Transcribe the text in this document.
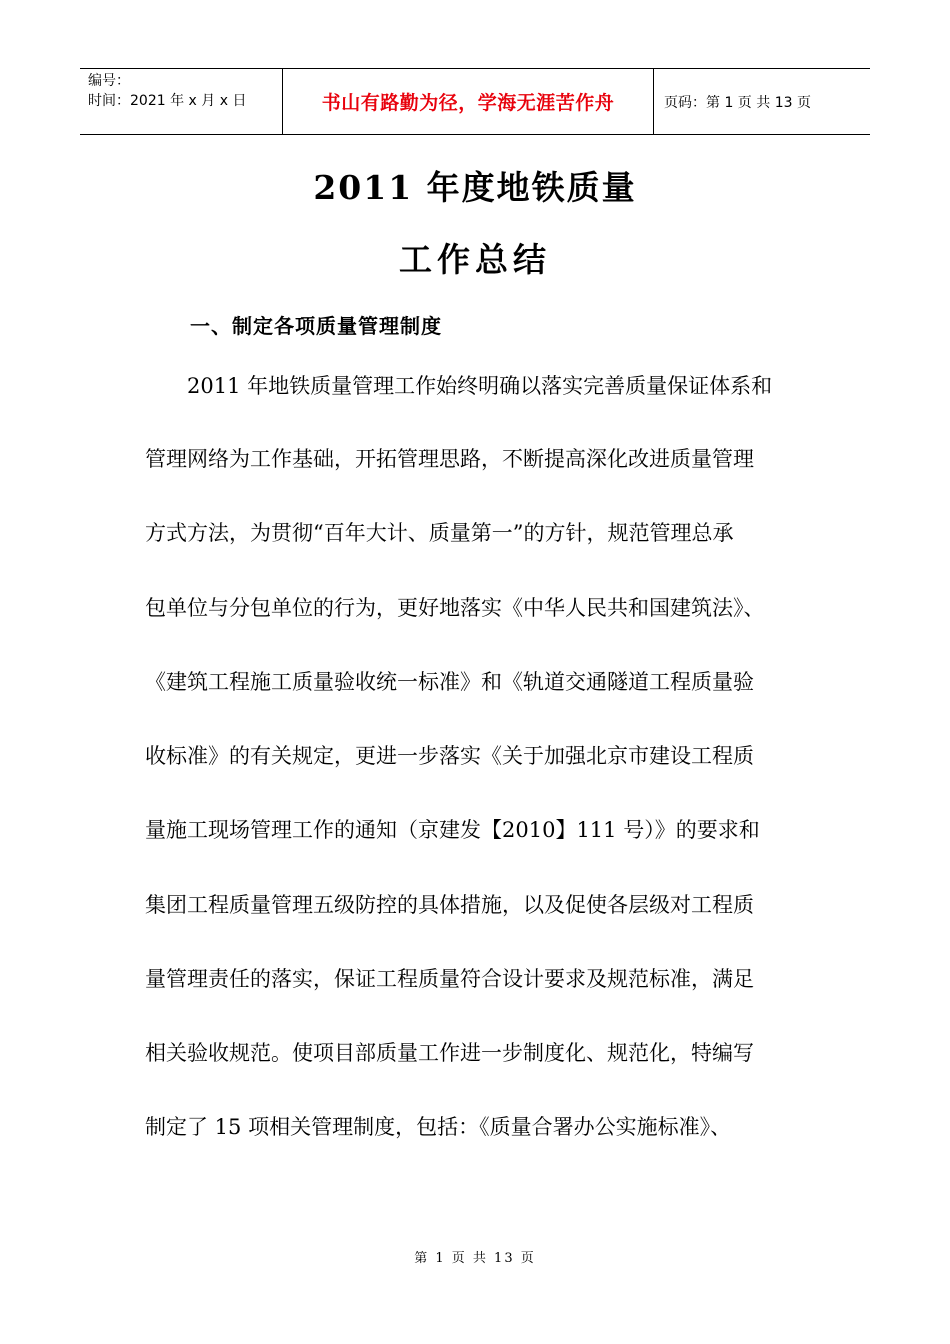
编号：
时间：2021 年 x 月 x 日	书山有路勤为径，学海无涯苦作舟	页码：第 1 页 共 13 页
2011 年度地铁质量
工作总结
一、制定各项质量管理制度
　　2011 年地铁质量管理工作始终明确以落实完善质量保证体系和
管理网络为工作基础，开拓管理思路，不断提高深化改进质量管理
方式方法，为贯彻“百年大计、质量第一”的方针，规范管理总承
包单位与分包单位的行为，更好地落实《中华人民共和国建筑法》、
《建筑工程施工质量验收统一标准》和《轨道交通隧道工程质量验
收标准》的有关规定，更进一步落实《关于加强北京市建设工程质
量施工现场管理工作的通知（京建发【2010】111 号）》的要求和
集团工程质量管理五级防控的具体措施，以及促使各层级对工程质
量管理责任的落实，保证工程质量符合设计要求及规范标准，满足
相关验收规范。使项目部质量工作进一步制度化、规范化，特编写
制定了 15 项相关管理制度，包括：《质量合署办公实施标准》、
第 1 页 共 13 页
